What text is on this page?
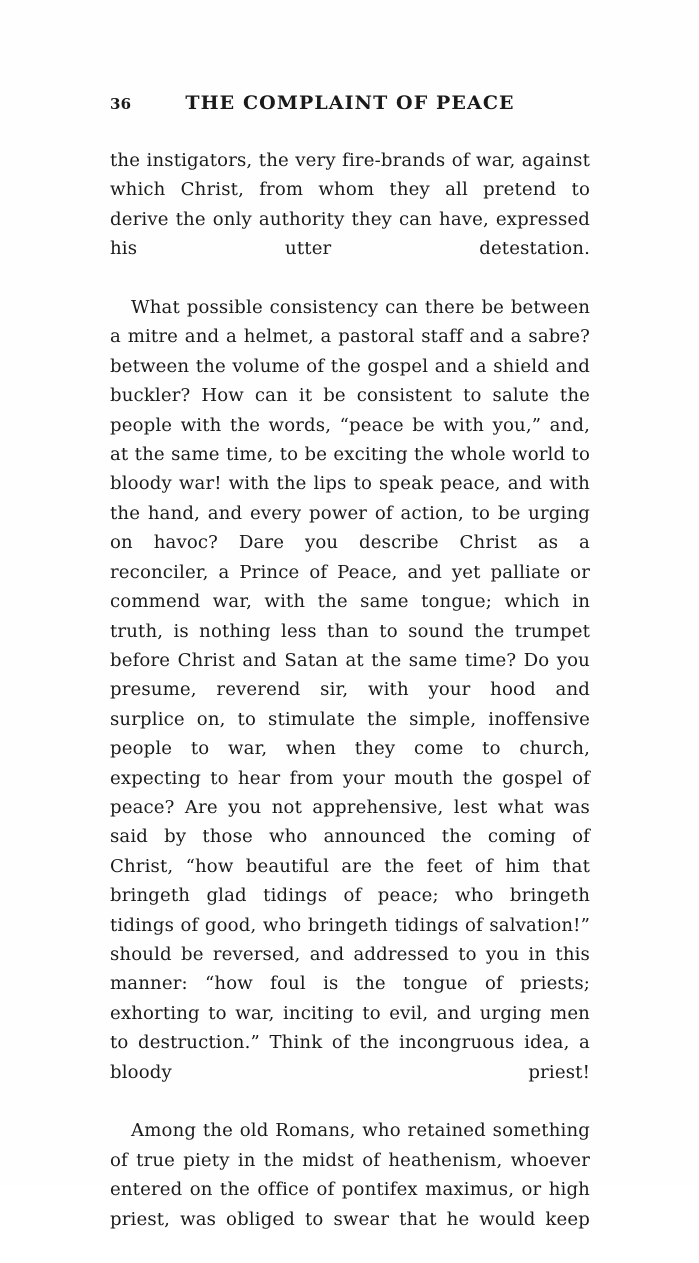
36	THE COMPLAINT OF PEACE

the instigators, the very fire-brands of war, against which Christ, from whom they all pretend to derive the only authority they can have, expressed his utter detestation.

What possible consistency can there be between a mitre and a helmet, a pastoral staff and a sabre? between the volume of the gospel and a shield and buckler? How can it be consistent to salute the people with the words, “peace be with you,” and, at the same time, to be exciting the whole world to bloody war! with the lips to speak peace, and with the hand, and every power of action, to be urging on havoc? Dare you describe Christ as a reconciler, a Prince of Peace, and yet palliate or commend war, with the same tongue; which in truth, is nothing less than to sound the trumpet before Christ and Satan at the same time? Do you presume, reverend sir, with your hood and surplice on, to stimulate the simple, inoffensive people to war, when they come to church, expecting to hear from your mouth the gospel of peace? Are you not apprehensive, lest what was said by those who announced the coming of Christ, “how beautiful are the feet of him that bringeth glad tidings of peace; who bringeth tidings of good, who bringeth tidings of salvation!” should be reversed, and addressed to you in this manner: “how foul is the tongue of priests; exhorting to war, inciting to evil, and urging men to destruction.” Think of the incongruous idea, a bloody priest!

Among the old Romans, who retained something of true piety in the midst of heathenism, whoever entered on the office of pontifex maximus, or high priest, was obliged to swear that he would keep
